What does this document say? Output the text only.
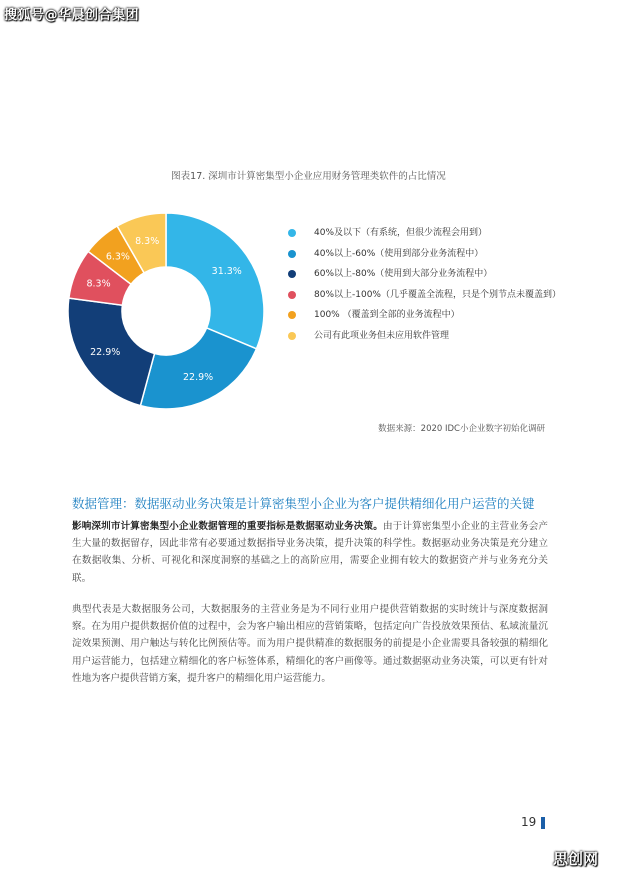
搜狐号@华晨创合集团
图表17. 深圳市计算密集型小企业应用财务管理类软件的占比情况
31.3%
22.9%
22.9%
8.3%
6.3%
8.3%
40%及以下（有系统，但很少流程会用到）
40%以上-60%（使用到部分业务流程中）
60%以上-80%（使用到大部分业务流程中）
80%以上-100%（几乎覆盖全流程，只是个别节点未覆盖到）
100% （覆盖到全部的业务流程中）
公司有此项业务但未应用软件管理
数据来源：2020 IDC小企业数字初始化调研
数据管理：数据驱动业务决策是计算密集型小企业为客户提供精细化用户运营的关键
影响深圳市计算密集型小企业数据管理的重要指标是数据驱动业务决策。由于计算密集型小企业的主营业务会产生大量的数据留存，因此非常有必要通过数据指导业务决策，提升决策的科学性。数据驱动业务决策是充分建立在数据收集、分析、可视化和深度洞察的基础之上的高阶应用，需要企业拥有较大的数据资产并与业务充分关联。
典型代表是大数据服务公司，大数据服务的主营业务是为不同行业用户提供营销数据的实时统计与深度数据洞察。在为用户提供数据价值的过程中，会为客户输出相应的营销策略，包括定向广告投放效果预估、私域流量沉淀效果预测、用户触达与转化比例预估等。而为用户提供精准的数据服务的前提是小企业需要具备较强的精细化用户运营能力，包括建立精细化的客户标签体系，精细化的客户画像等。通过数据驱动业务决策，可以更有针对性地为客户提供营销方案，提升客户的精细化用户运营能力。
19
思创网
